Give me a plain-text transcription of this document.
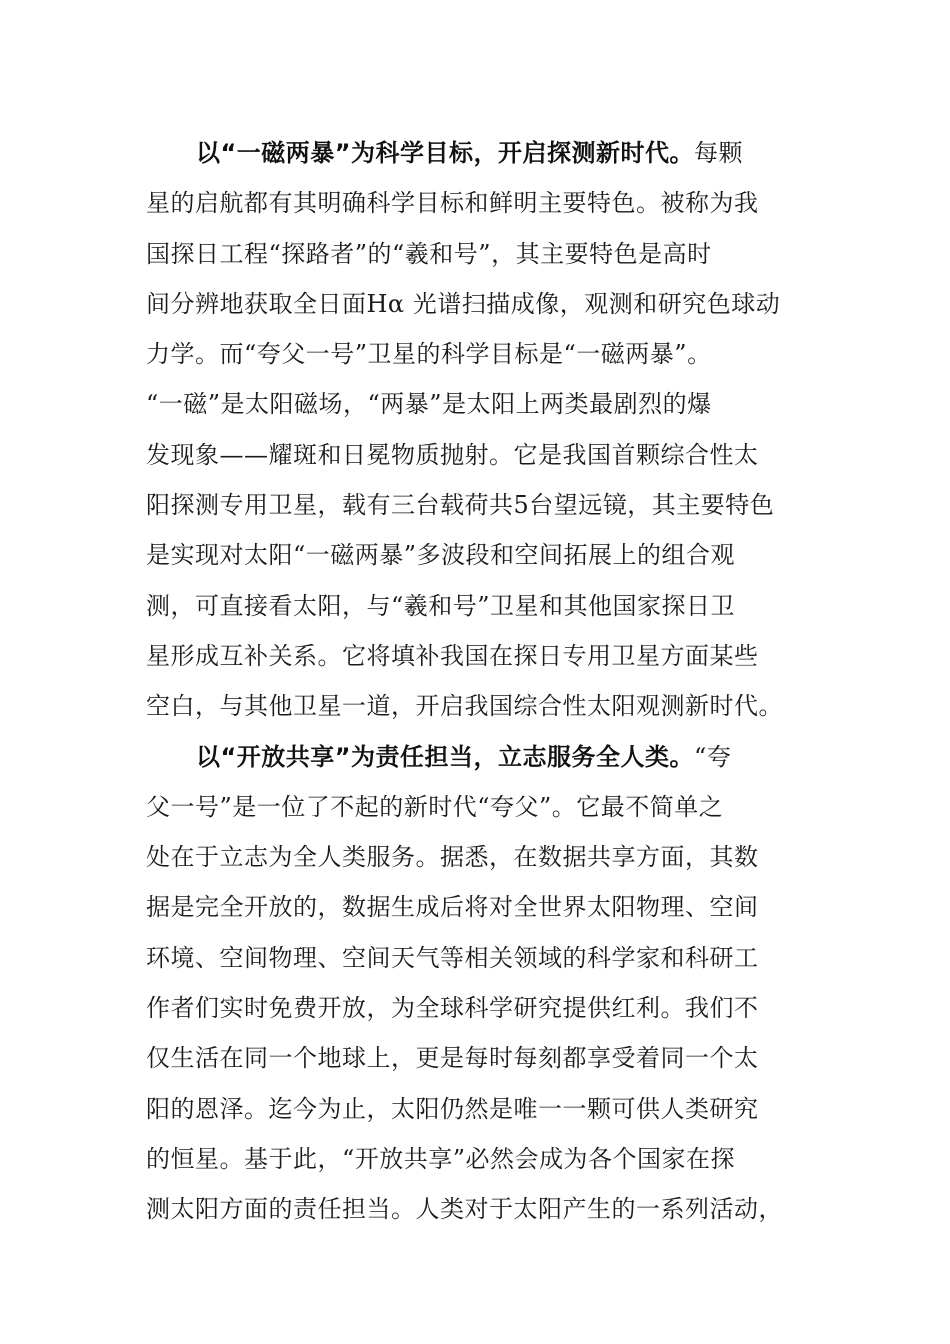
以“一磁两暴”为科学目标，开启探测新时代。每颗
星的启航都有其明确科学目标和鲜明主要特色。被称为我
国探日工程“探路者”的“羲和号”，其主要特色是高时
间分辨地获取全日面Hα 光谱扫描成像，观测和研究色球动
力学。而“夸父一号”卫星的科学目标是“一磁两暴”。
“一磁”是太阳磁场，“两暴”是太阳上两类最剧烈的爆
发现象——耀斑和日冕物质抛射。它是我国首颗综合性太
阳探测专用卫星，载有三台载荷共5台望远镜，其主要特色
是实现对太阳“一磁两暴”多波段和空间拓展上的组合观
测，可直接看太阳，与“羲和号”卫星和其他国家探日卫
星形成互补关系。它将填补我国在探日专用卫星方面某些
空白，与其他卫星一道，开启我国综合性太阳观测新时代。
以“开放共享”为责任担当，立志服务全人类。“夸
父一号”是一位了不起的新时代“夸父”。它最不简单之
处在于立志为全人类服务。据悉，在数据共享方面，其数
据是完全开放的，数据生成后将对全世界太阳物理、空间
环境、空间物理、空间天气等相关领域的科学家和科研工
作者们实时免费开放，为全球科学研究提供红利。我们不
仅生活在同一个地球上，更是每时每刻都享受着同一个太
阳的恩泽。迄今为止，太阳仍然是唯一一颗可供人类研究
的恒星。基于此，“开放共享”必然会成为各个国家在探
测太阳方面的责任担当。人类对于太阳产生的一系列活动，
